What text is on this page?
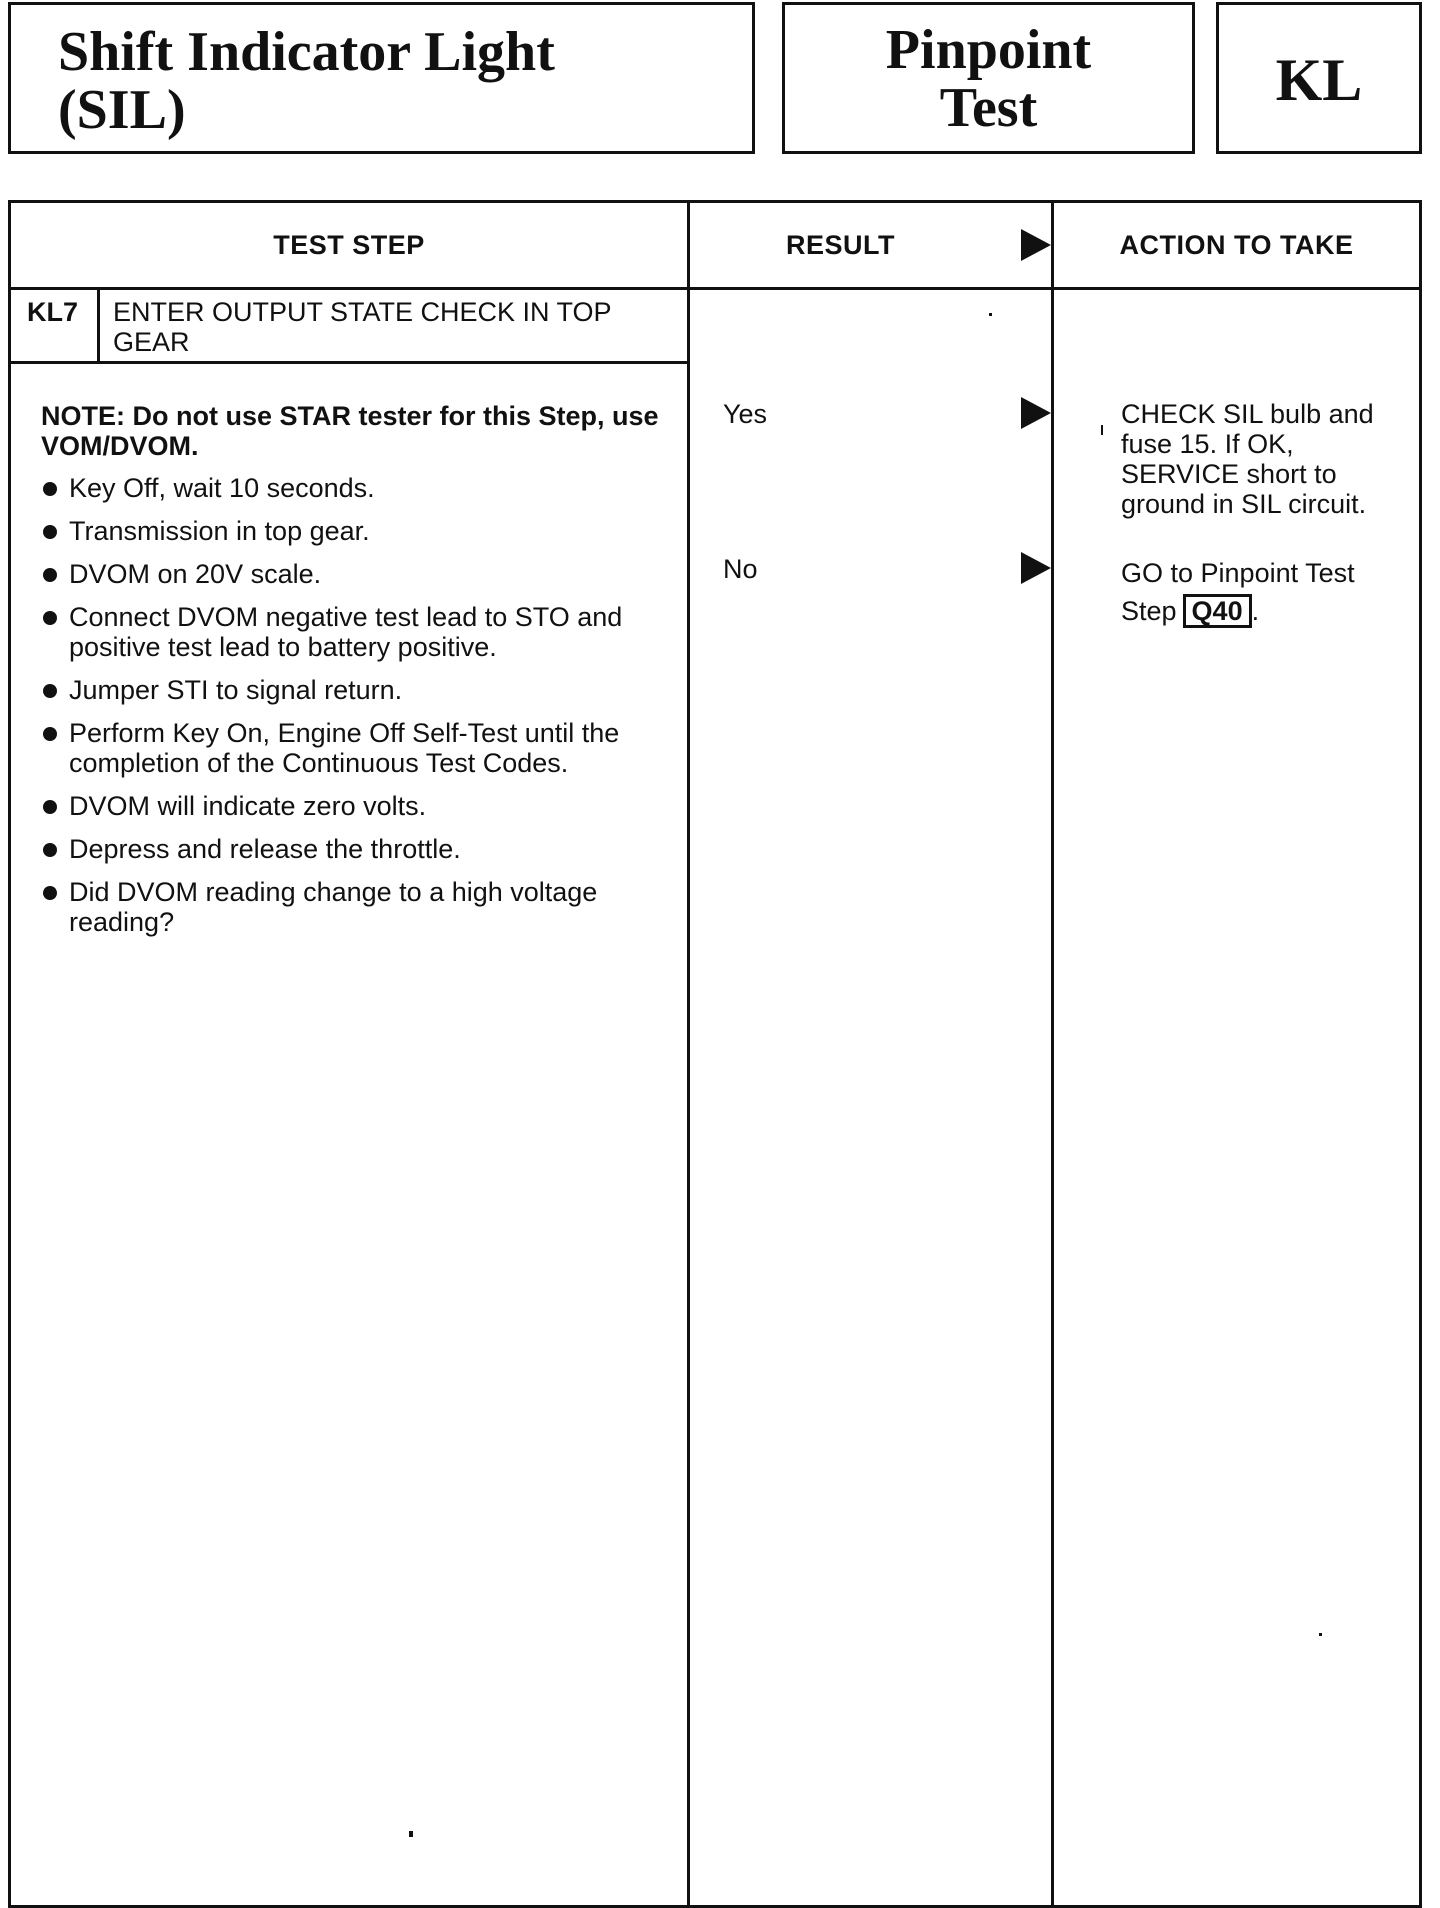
Shift Indicator Light
(SIL)
Pinpoint
Test	KL
TEST STEP	RESULT	ACTION TO TAKE
KL7 ENTER OUTPUT STATE CHECK IN TOP GEAR
NOTE: Do not use STAR tester for this Step, use VOM/DVOM.
Key Off, wait 10 seconds.
Transmission in top gear.
DVOM on 20V scale.
Connect DVOM negative test lead to STO and positive test lead to battery positive.
Jumper STI to signal return.
Perform Key On, Engine Off Self-Test until the completion of the Continuous Test Codes.
DVOM will indicate zero volts.
Depress and release the throttle.
Did DVOM reading change to a high voltage reading?
Yes	CHECK SIL bulb and fuse 15. If OK, SERVICE short to ground in SIL circuit.
No	GO to Pinpoint Test
Step Q40 .
